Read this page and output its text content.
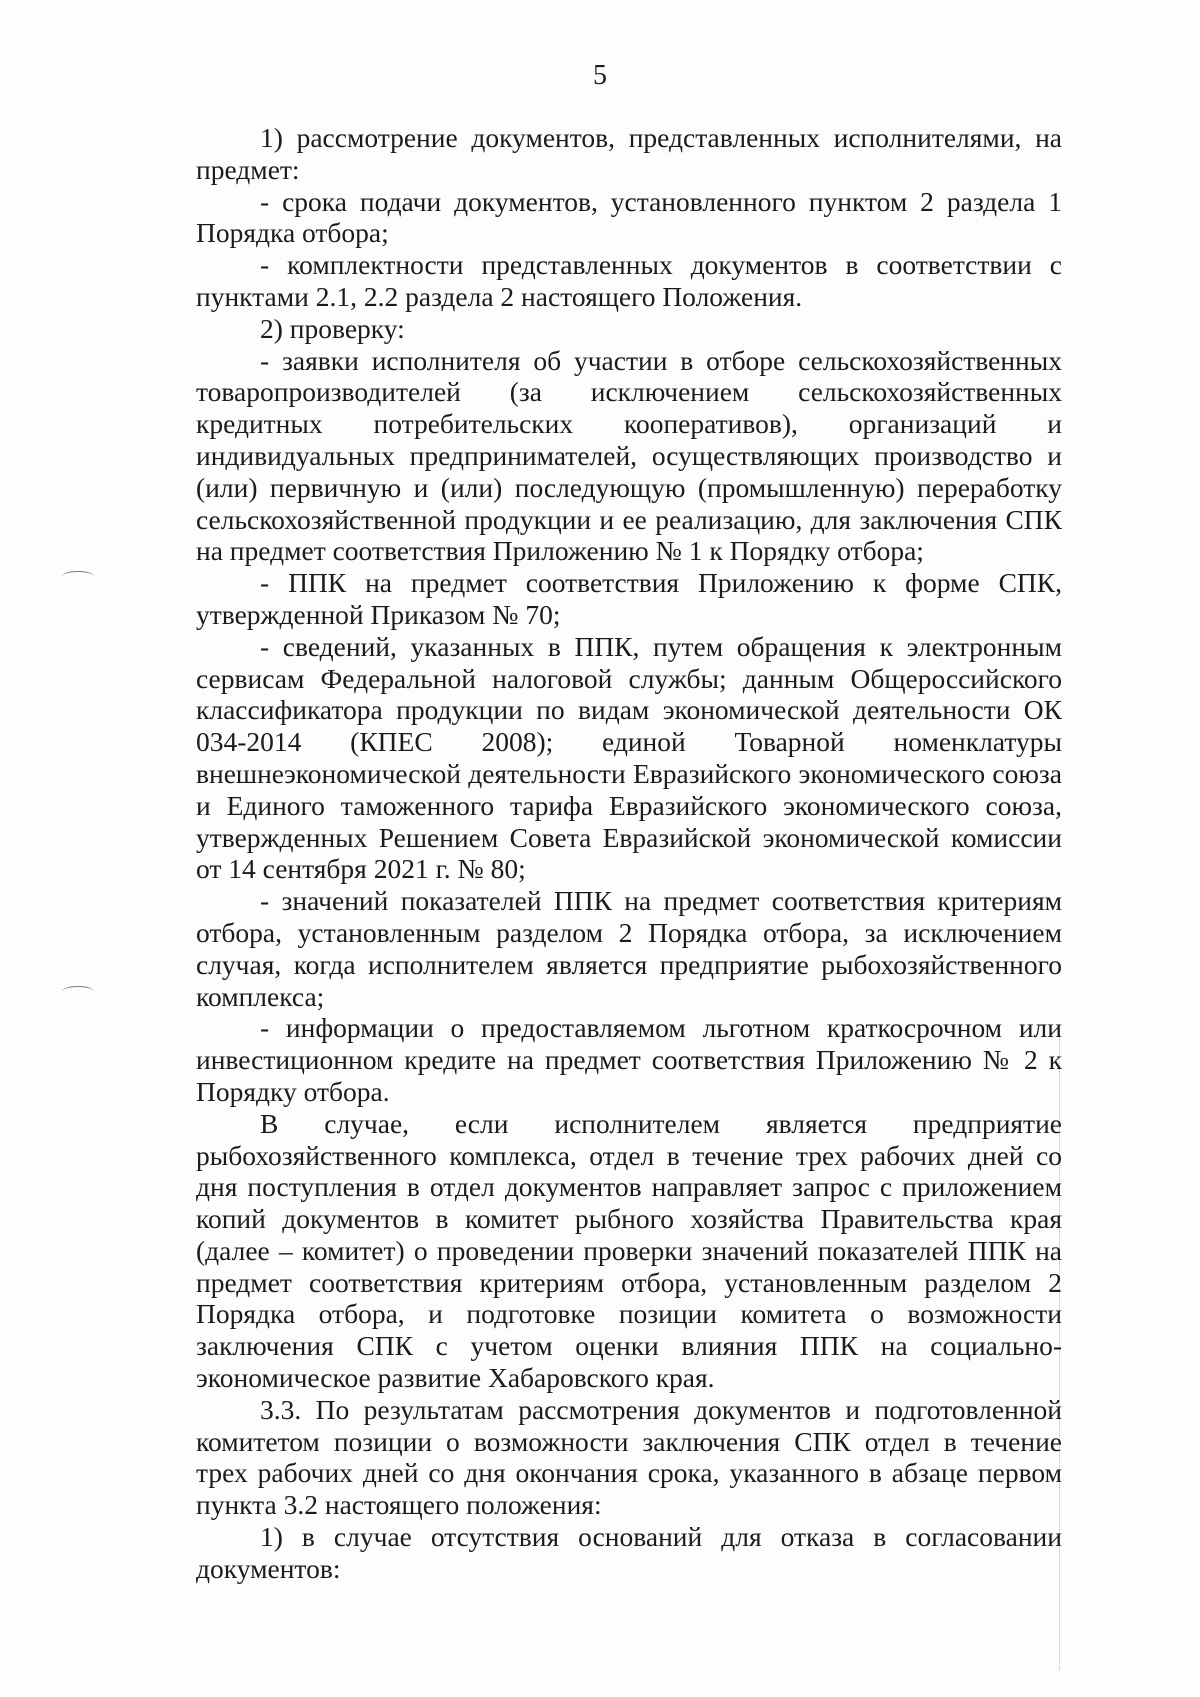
5

1) рассмотрение документов, представленных исполнителями, на предмет:

- срока подачи документов, установленного пунктом 2 раздела 1 Порядка отбора;

- комплектности представленных документов в соответствии с пунктами 2.1, 2.2 раздела 2 настоящего Положения.

2) проверку:

- заявки исполнителя об участии в отборе сельскохозяйственных товаропроизводителей (за исключением сельскохозяйственных кредитных потребительских кооперативов), организаций и индивидуальных предпринимателей, осуществляющих производство и (или) первичную и (или) последующую (промышленную) переработку сельскохозяйственной продукции и ее реализацию, для заключения СПК на предмет соответствия Приложению № 1 к Порядку отбора;

- ППК на предмет соответствия Приложению к форме СПК, утвержденной Приказом № 70;

- сведений, указанных в ППК, путем обращения к электронным сервисам Федеральной налоговой службы; данным Общероссийского классификатора продукции по видам экономической деятельности ОК 034-2014 (КПЕС 2008); единой Товарной номенклатуры внешнеэкономической деятельности Евразийского экономического союза и Единого таможенного тарифа Евразийского экономического союза, утвержденных Решением Совета Евразийской экономической комиссии от 14 сентября 2021 г. № 80;

- значений показателей ППК на предмет соответствия критериям отбора, установленным разделом 2 Порядка отбора, за исключением случая, когда исполнителем является предприятие рыбохозяйственного комплекса;

- информации о предоставляемом льготном краткосрочном или инвестиционном кредите на предмет соответствия Приложению № 2 к Порядку отбора.

В случае, если исполнителем является предприятие рыбохозяйственного комплекса, отдел в течение трех рабочих дней со дня поступления в отдел документов направляет запрос с приложением копий документов в комитет рыбного хозяйства Правительства края (далее – комитет) о проведении проверки значений показателей ППК на предмет соответствия критериям отбора, установленным разделом 2 Порядка отбора, и подготовке позиции комитета о возможности заключения СПК с учетом оценки влияния ППК на социально-экономическое развитие Хабаровского края.

3.3. По результатам рассмотрения документов и подготовленной комитетом позиции о возможности заключения СПК отдел в течение трех рабочих дней со дня окончания срока, указанного в абзаце первом пункта 3.2 настоящего положения:

1) в случае отсутствия оснований для отказа в согласовании документов:
